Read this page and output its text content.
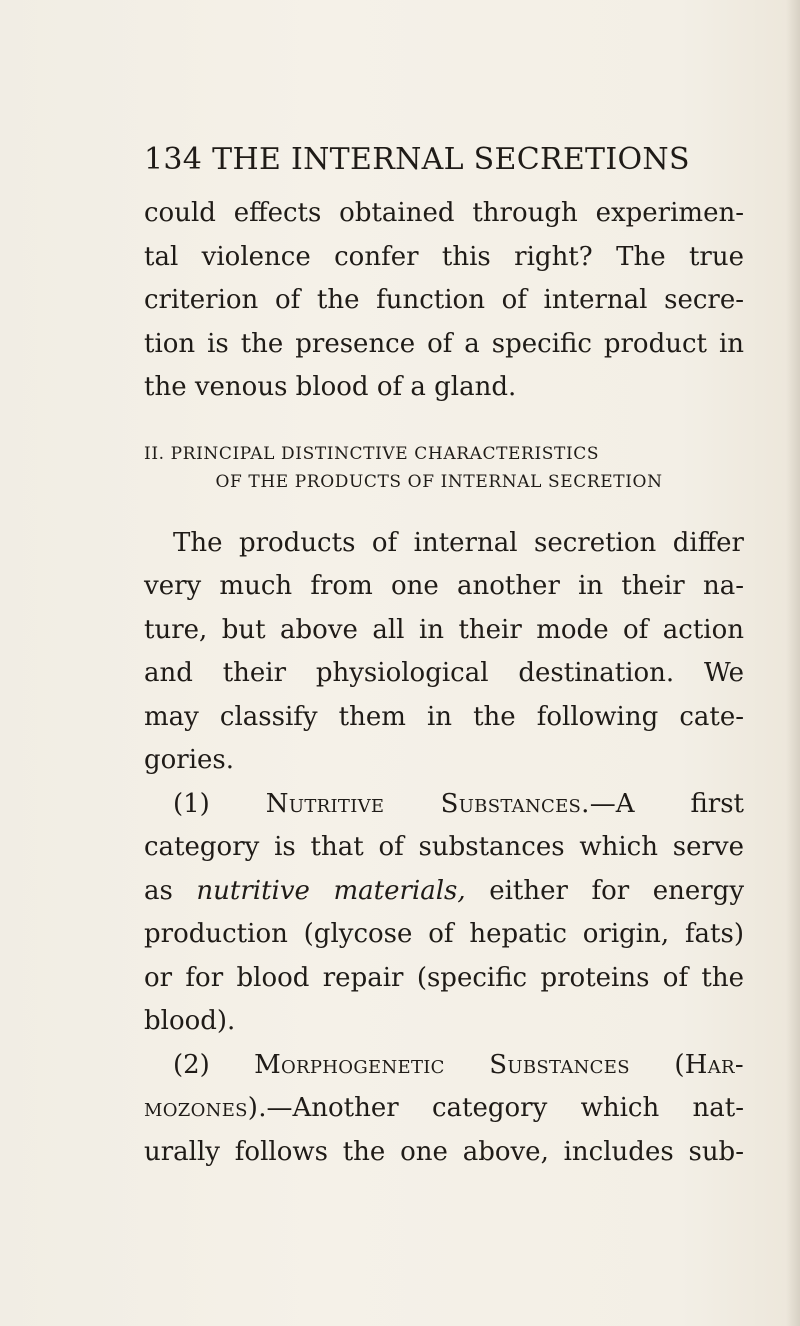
134 THE INTERNAL SECRETIONS
could effects obtained through experimen-
tal violence confer this right? The true
criterion of the function of internal secre-
tion is the presence of a specific product in
the venous blood of a gland.
II. PRINCIPAL DISTINCTIVE CHARACTERISTICS
OF THE PRODUCTS OF INTERNAL SECRETION
The products of internal secretion differ
very much from one another in their na-
ture, but above all in their mode of action
and their physiological destination. We
may classify them in the following cate-
gories.
(1) Nutritive Substances.—A first
category is that of substances which serve
as nutritive materials, either for energy
production (glycose of hepatic origin, fats)
or for blood repair (specific proteins of the
blood).
(2) Morphogenetic Substances (Har-
mozones).—Another category which nat-
urally follows the one above, includes sub-
